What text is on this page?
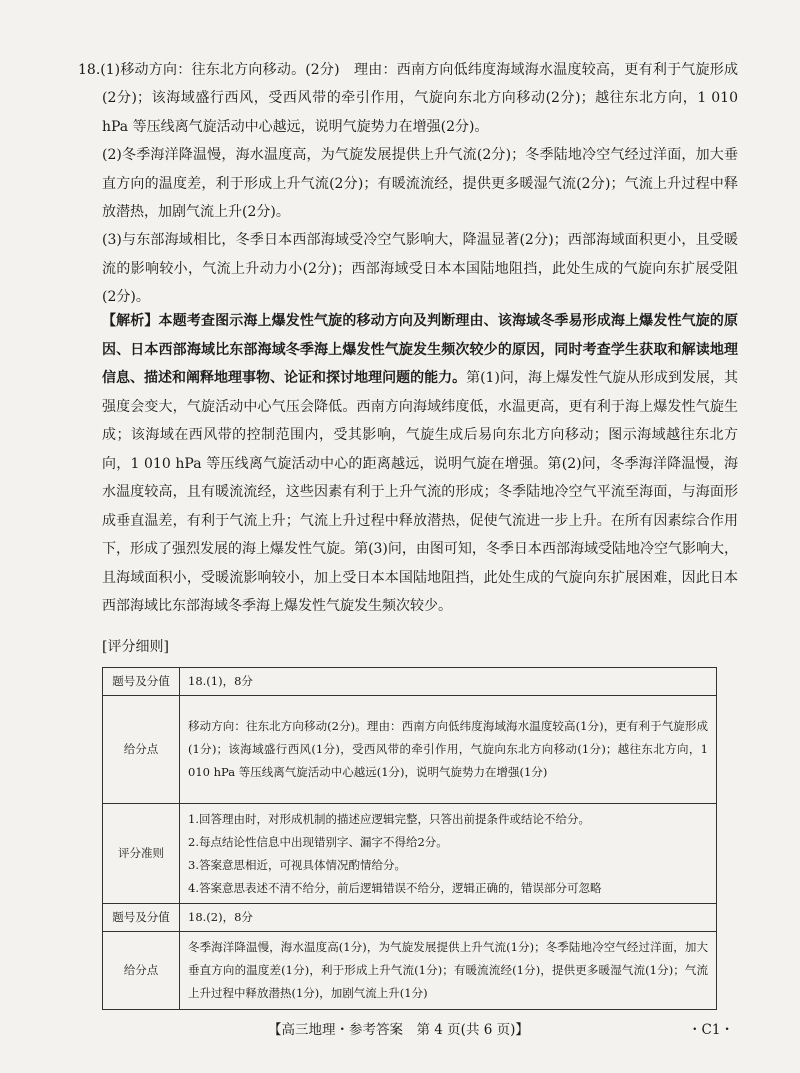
18.(1)移动方向：往东北方向移动。(2分)　理由：西南方向低纬度海域海水温度较高，更有利于气旋形成(2分)；该海域盛行西风，受西风带的牵引作用，气旋向东北方向移动(2分)；越往东北方向，1 010 hPa 等压线离气旋活动中心越远，说明气旋势力在增强(2分)。

(2)冬季海洋降温慢，海水温度高，为气旋发展提供上升气流(2分)；冬季陆地冷空气经过洋面，加大垂直方向的温度差，利于形成上升气流(2分)；有暖流流经，提供更多暖湿气流(2分)；气流上升过程中释放潜热，加剧气流上升(2分)。

(3)与东部海域相比，冬季日本西部海域受冷空气影响大，降温显著(2分)；西部海域面积更小，且受暖流的影响较小，气流上升动力小(2分)；西部海域受日本本国陆地阻挡，此处生成的气旋向东扩展受阻(2分)。

【解析】本题考查图示海上爆发性气旋的移动方向及判断理由、该海域冬季易形成海上爆发性气旋的原因、日本西部海域比东部海域冬季海上爆发性气旋发生频次较少的原因，同时考查学生获取和解读地理信息、描述和阐释地理事物、论证和探讨地理问题的能力。第(1)问，海上爆发性气旋从形成到发展，其强度会变大，气旋活动中心气压会降低。西南方向海域纬度低，水温更高，更有利于海上爆发性气旋生成；该海域在西风带的控制范围内，受其影响，气旋生成后易向东北方向移动；图示海域越往东北方向，1 010 hPa 等压线离气旋活动中心的距离越远，说明气旋在增强。第(2)问，冬季海洋降温慢，海水温度较高，且有暖流流经，这些因素有利于上升气流的形成；冬季陆地冷空气平流至海面，与海面形成垂直温差，有利于气流上升；气流上升过程中释放潜热，促使气流进一步上升。在所有因素综合作用下，形成了强烈发展的海上爆发性气旋。第(3)问，由图可知，冬季日本西部海域受陆地冷空气影响大，且海域面积小，受暖流影响较小，加上受日本本国陆地阻挡，此处生成的气旋向东扩展困难，因此日本西部海域比东部海域冬季海上爆发性气旋发生频次较少。
[评分细则]
题号及分值	18.(1)，8分
给分点	移动方向：往东北方向移动(2分)。理由：西南方向低纬度海域海水温度较高(1分)，更有利于气旋形成(1分)；该海域盛行西风(1分)，受西风带的牵引作用，气旋向东北方向移动(1分)；越往东北方向，1 010 hPa 等压线离气旋活动中心越远(1分)，说明气旋势力在增强(1分)
评分准则	1.回答理由时，对形成机制的描述应逻辑完整，只答出前提条件或结论不给分。
2.每点结论性信息中出现错别字、漏字不得给2分。
3.答案意思相近，可视具体情况酌情给分。
4.答案意思表述不清不给分，前后逻辑错误不给分，逻辑正确的，错误部分可忽略

题号及分值	18.(2)，8分
给分点	冬季海洋降温慢，海水温度高(1分)，为气旋发展提供上升气流(1分)；冬季陆地冷空气经过洋面，加大垂直方向的温度差(1分)，利于形成上升气流(1分)；有暖流流经(1分)，提供更多暖湿气流(1分)；气流上升过程中释放潜热(1分)，加剧气流上升(1分)
【高三地理・参考答案　第 4 页(共 6 页)】	・C1・
